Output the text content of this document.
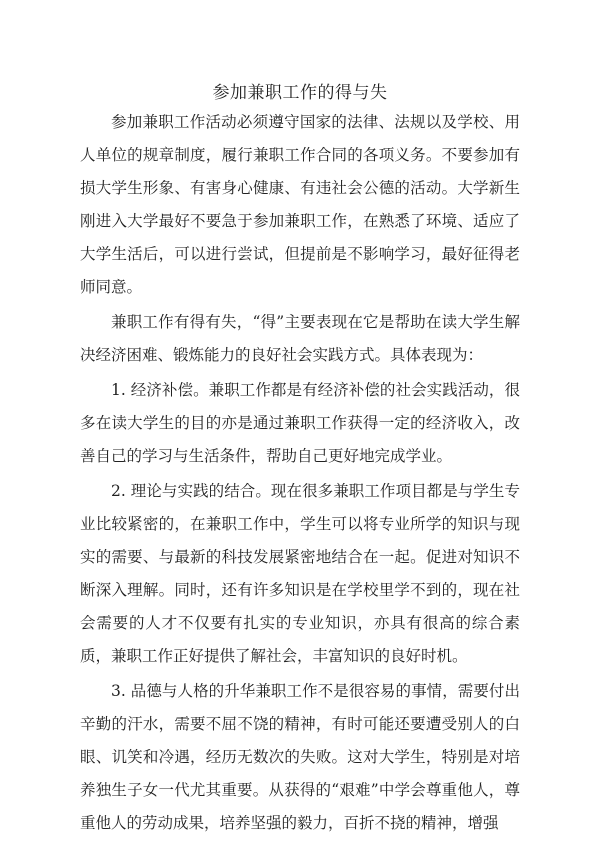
参加兼职工作的得与失

参加兼职工作活动必须遵守国家的法律、法规以及学校、用人单位的规章制度，履行兼职工作合同的各项义务。不要参加有损大学生形象、有害身心健康、有违社会公德的活动。大学新生刚进入大学最好不要急于参加兼职工作，在熟悉了环境、适应了大学生活后，可以进行尝试，但提前是不影响学习，最好征得老师同意。

兼职工作有得有失，“得”主要表现在它是帮助在读大学生解决经济困难、锻炼能力的良好社会实践方式。具体表现为：

1. 经济补偿。兼职工作都是有经济补偿的社会实践活动，很多在读大学生的目的亦是通过兼职工作获得一定的经济收入，改善自己的学习与生活条件，帮助自己更好地完成学业。

2. 理论与实践的结合。现在很多兼职工作项目都是与学生专业比较紧密的，在兼职工作中，学生可以将专业所学的知识与现实的需要、与最新的科技发展紧密地结合在一起。促进对知识不断深入理解。同时，还有许多知识是在学校里学不到的，现在社会需要的人才不仅要有扎实的专业知识，亦具有很高的综合素质，兼职工作正好提供了解社会，丰富知识的良好时机。

3. 品德与人格的升华兼职工作不是很容易的事情，需要付出辛勤的汗水，需要不屈不饶的精神，有时可能还要遭受别人的白眼、讥笑和冷遇，经历无数次的失败。这对大学生，特别是对培养独生子女一代尤其重要。从获得的“艰难”中学会尊重他人，尊重他人的劳动成果，培养坚强的毅力，百折不挠的精神，增强
